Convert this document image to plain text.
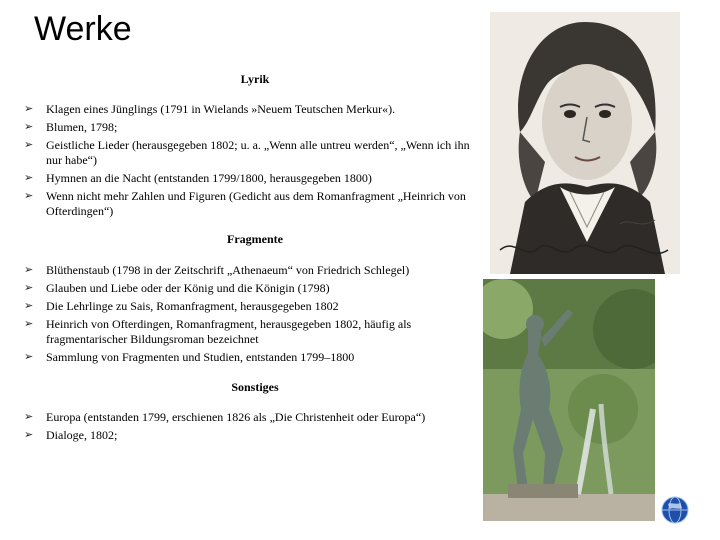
Werke
Lyrik
➢ Klagen eines Jünglings (1791 in Wielands »Neuem Teutschen Merkur«).
➢ Blumen, 1798;
➢ Geistliche Lieder (herausgegeben 1802; u. a. „Wenn alle untreu werden“, „Wenn ich ihn nur habe“)
➢ Hymnen an die Nacht (entstanden 1799/1800, herausgegeben 1800)
➢ Wenn nicht mehr Zahlen und Figuren (Gedicht aus dem Romanfragment „Heinrich von Ofterdingen“)
Fragmente
➢ Blüthenstaub (1798 in der Zeitschrift „Athenaeum“ von Friedrich Schlegel)
➢ Glauben und Liebe oder der König und die Königin (1798)
➢ Die Lehrlinge zu Sais, Romanfragment, herausgegeben 1802
➢ Heinrich von Ofterdingen, Romanfragment, herausgegeben 1802, häufig als fragmentarischer Bildungsroman bezeichnet
➢ Sammlung von Fragmenten und Studien, entstanden 1799–1800
Sonstiges
➢ Europa (entstanden 1799, erschienen 1826 als „Die Christenheit oder Europa“)
➢ Dialoge, 1802;
